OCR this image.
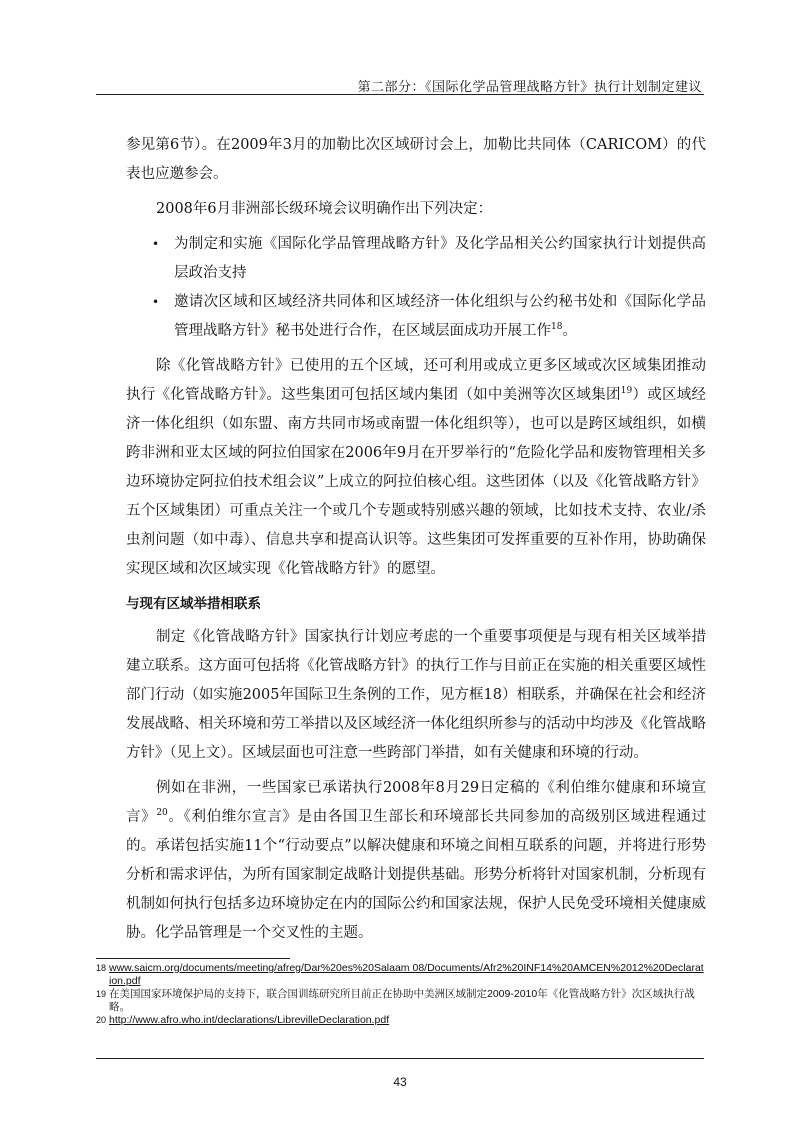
第二部分：《国际化学品管理战略方针》执行计划制定建议

参见第6节）。在2009年3月的加勒比次区域研讨会上，加勒比共同体（CARICOM）的代表也应邀参会。

2008年6月非洲部长级环境会议明确作出下列决定：

• 为制定和实施《国际化学品管理战略方针》及化学品相关公约国家执行计划提供高层政治支持
• 邀请次区域和区域经济共同体和区域经济一体化组织与公约秘书处和《国际化学品管理战略方针》秘书处进行合作，在区域层面成功开展工作$^{18}$。

除《化管战略方针》已使用的五个区域，还可利用或成立更多区域或次区域集团推动执行《化管战略方针》。这些集团可包括区域内集团（如中美洲等次区域集团$^{19}$）或区域经济一体化组织（如东盟、南方共同市场或南盟一体化组织等），也可以是跨区域组织，如横跨非洲和亚太区域的阿拉伯国家在2006年9月在开罗举行的“危险化学品和废物管理相关多边环境协定阿拉伯技术组会议”上成立的阿拉伯核心组。这些团体（以及《化管战略方针》五个区域集团）可重点关注一个或几个专题或特别感兴趣的领域，比如技术支持、农业/杀虫剂问题（如中毒）、信息共享和提高认识等。这些集团可发挥重要的互补作用，协助确保实现区域和次区域实现《化管战略方针》的愿望。

与现有区域举措相联系

制定《化管战略方针》国家执行计划应考虑的一个重要事项便是与现有相关区域举措建立联系。这方面可包括将《化管战略方针》的执行工作与目前正在实施的相关重要区域性部门行动（如实施2005年国际卫生条例的工作，见方框18）相联系，并确保在社会和经济发展战略、相关环境和劳工举措以及区域经济一体化组织所参与的活动中均涉及《化管战略方针》（见上文）。区域层面也可注意一些跨部门举措，如有关健康和环境的行动。

例如在非洲，一些国家已承诺执行2008年8月29日定稿的《利伯维尔健康和环境宣言》$^{20}$。《利伯维尔宣言》是由各国卫生部长和环境部长共同参加的高级别区域进程通过的。承诺包括实施11个“行动要点”以解决健康和环境之间相互联系的问题，并将进行形势分析和需求评估，为所有国家制定战略计划提供基础。形势分析将针对国家机制，分析现有机制如何执行包括多边环境协定在内的国际公约和国家法规，保护人民免受环境相关健康威胁。化学品管理是一个交叉性的主题。

18 www.saicm.org/documents/meeting/afreg/Dar%20es%20Salaam 08/Documents/Afr2%20INF14%20AMCEN%2012%20Declaration.pdf
19 在美国国家环境保护局的支持下，联合国训练研究所目前正在协助中美洲区域制定2009-2010年《化管战略方针》次区域执行战略。
20 http://www.afro.who.int/declarations/LibrevilleDeclaration.pdf
43
